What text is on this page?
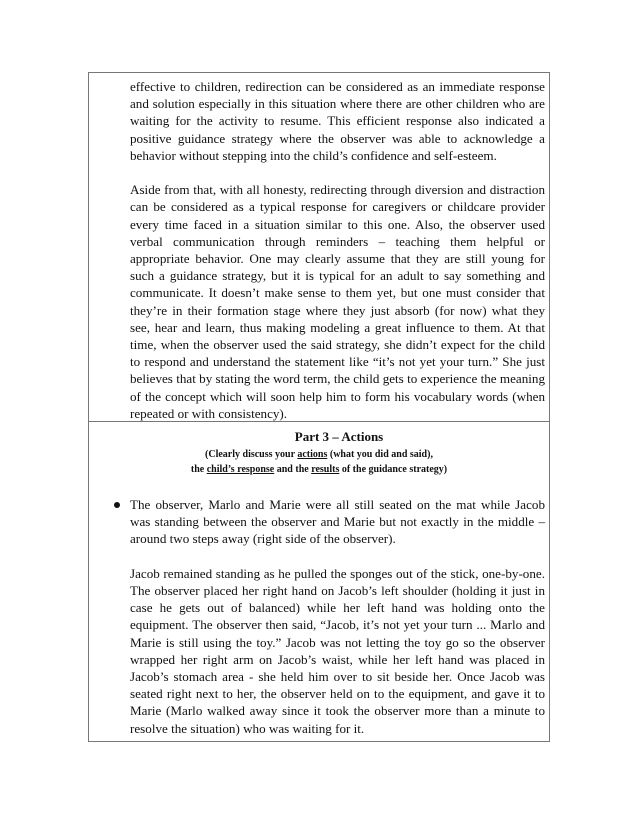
effective to children, redirection can be considered as an immediate response and solution especially in this situation where there are other children who are waiting for the activity to resume. This efficient response also indicated a positive guidance strategy where the observer was able to acknowledge a behavior without stepping into the child’s confidence and self-esteem.

Aside from that, with all honesty, redirecting through diversion and distraction can be considered as a typical response for caregivers or childcare provider every time faced in a situation similar to this one. Also, the observer used verbal communication through reminders – teaching them helpful or appropriate behavior. One may clearly assume that they are still young for such a guidance strategy, but it is typical for an adult to say something and communicate. It doesn’t make sense to them yet, but one must consider that they’re in their formation stage where they just absorb (for now) what they see, hear and learn, thus making modeling a great influence to them. At that time, when the observer used the said strategy, she didn’t expect for the child to respond and understand the statement like “it’s not yet your turn.” She just believes that by stating the word term, the child gets to experience the meaning of the concept which will soon help him to form his vocabulary words (when repeated or with consistency).

Part 3 – Actions
(Clearly discuss your actions (what you did and said),
the child’s response and the results of the guidance strategy)

The observer, Marlo and Marie were all still seated on the mat while Jacob was standing between the observer and Marie but not exactly in the middle – around two steps away (right side of the observer).

Jacob remained standing as he pulled the sponges out of the stick, one-by-one. The observer placed her right hand on Jacob’s left shoulder (holding it just in case he gets out of balanced) while her left hand was holding onto the equipment. The observer then said, “Jacob, it’s not yet your turn ... Marlo and Marie is still using the toy.” Jacob was not letting the toy go so the observer wrapped her right arm on Jacob’s waist, while her left hand was placed in Jacob’s stomach area - she held him over to sit beside her. Once Jacob was seated right next to her, the observer held on to the equipment, and gave it to Marie (Marlo walked away since it took the observer more than a minute to resolve the situation) who was waiting for it.
